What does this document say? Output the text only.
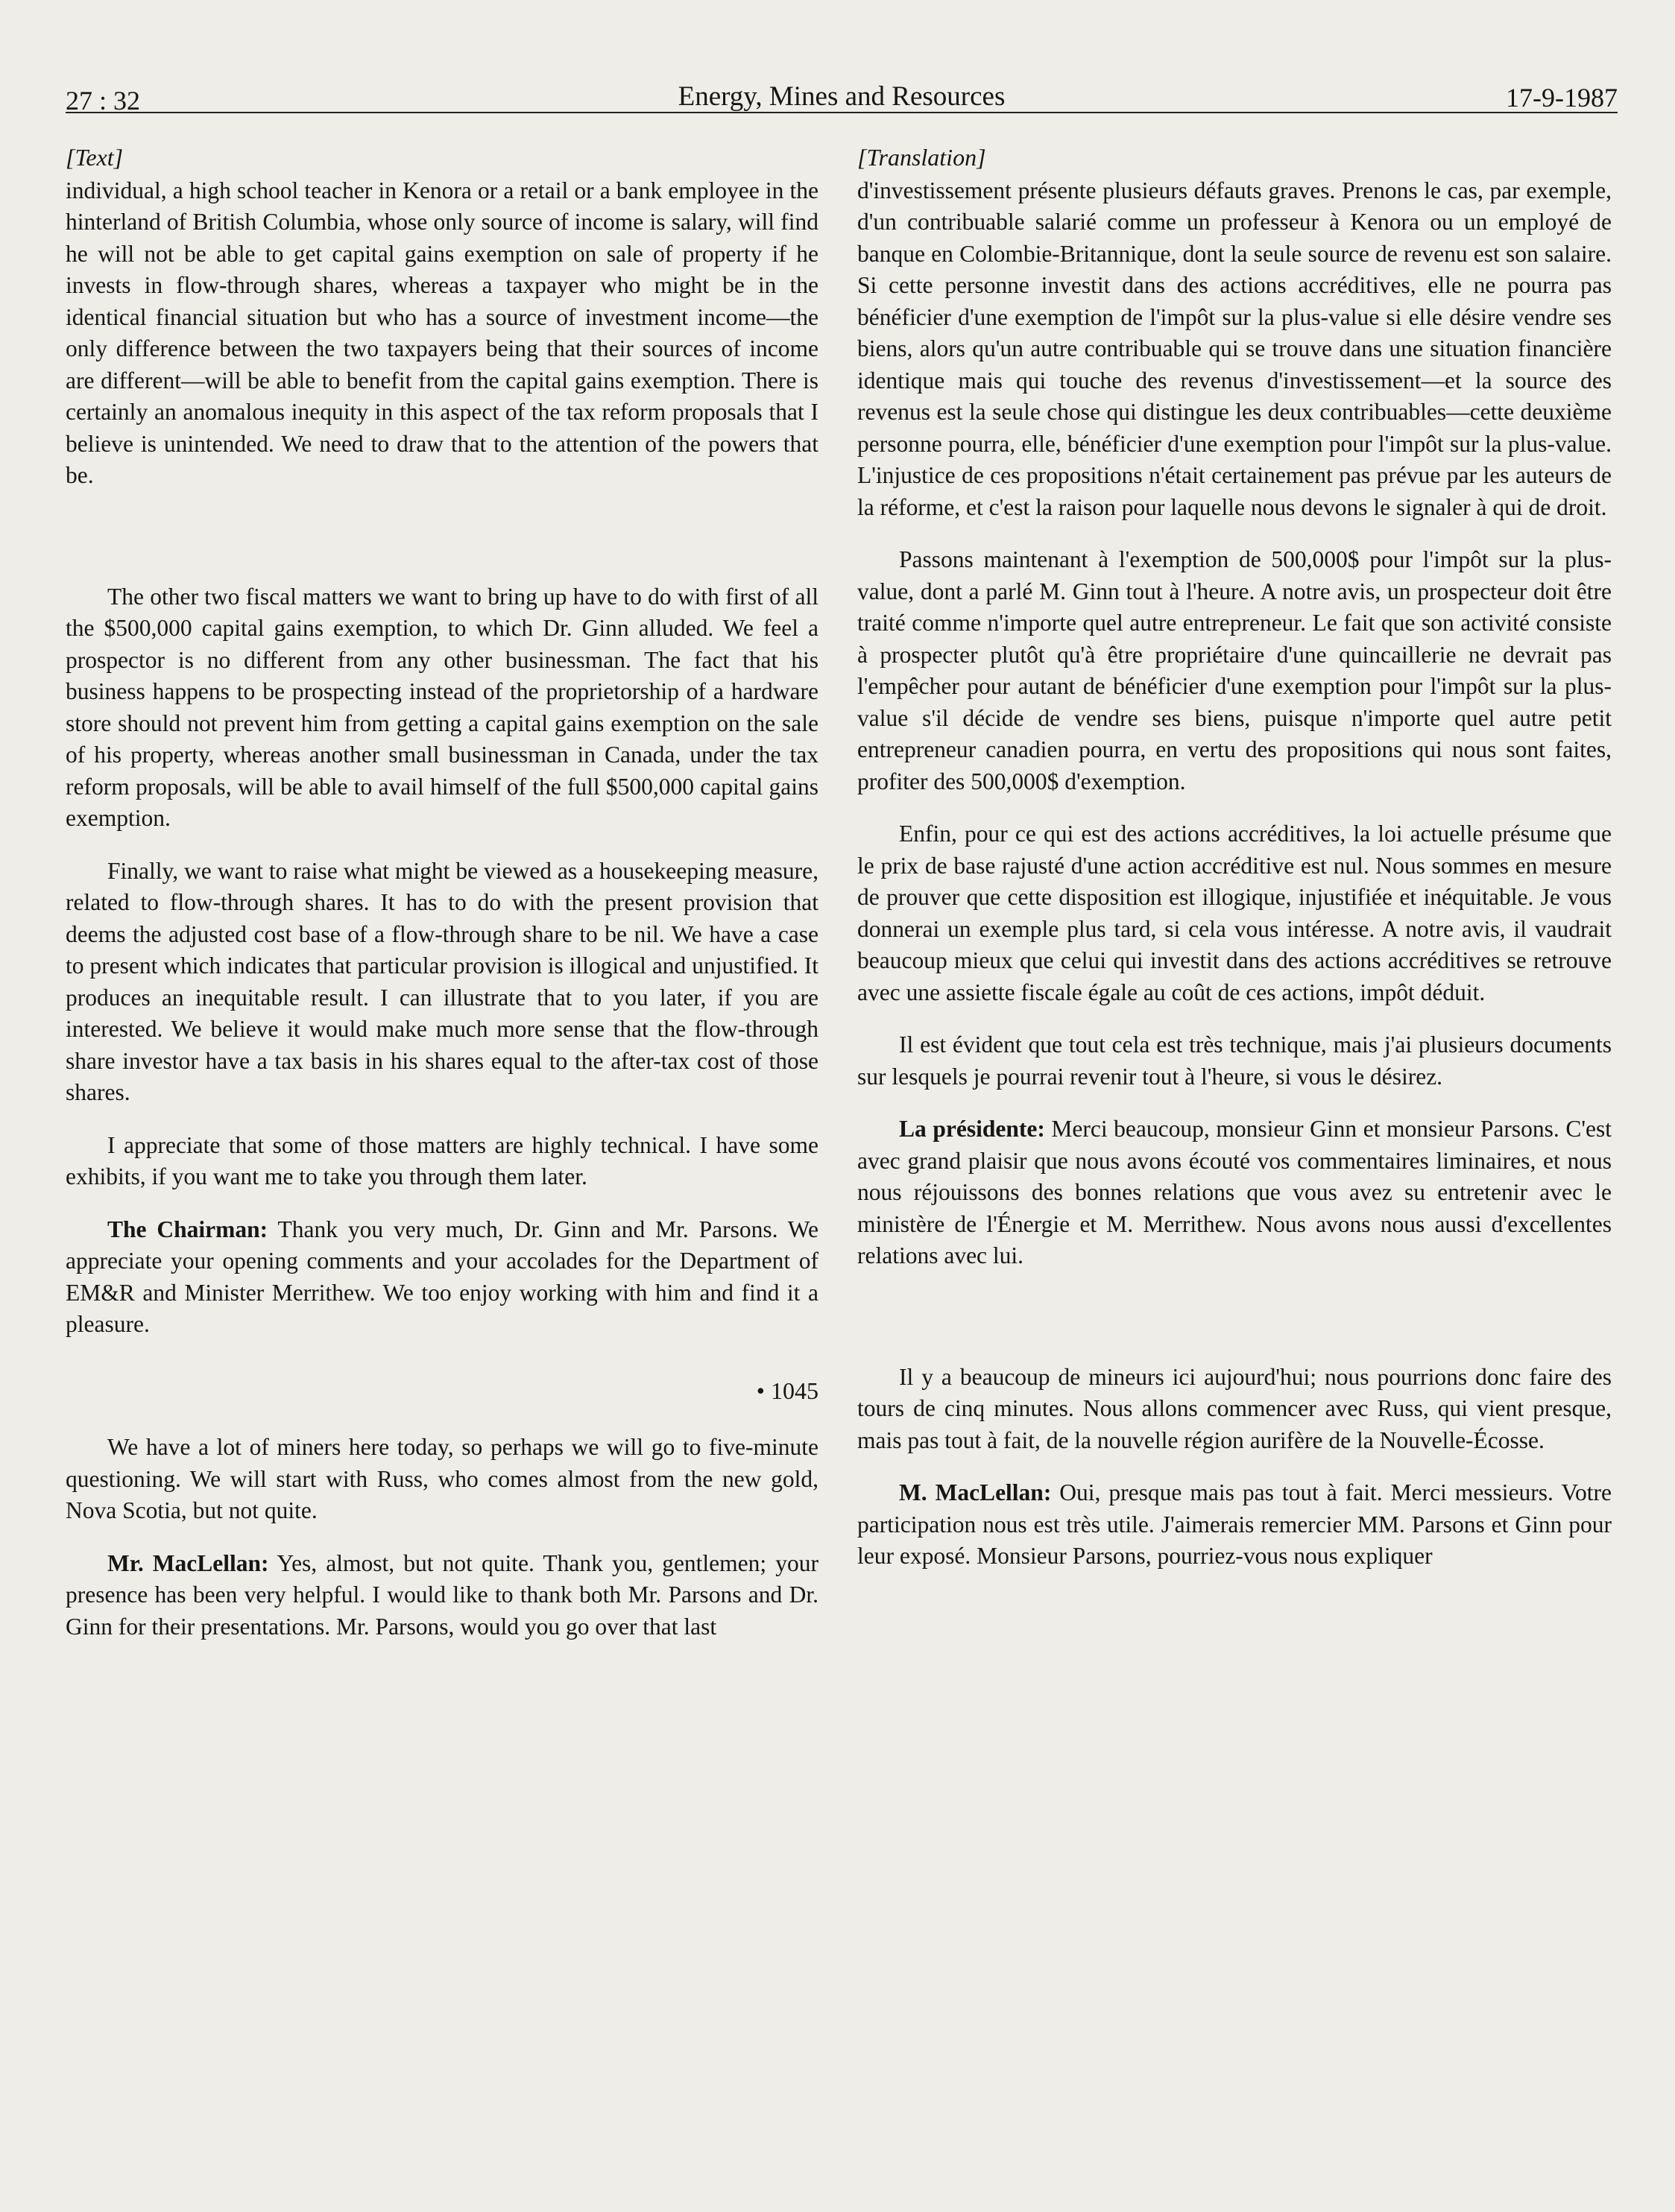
27 : 32	Energy, Mines and Resources	17-9-1987
[Text]

individual, a high school teacher in Kenora or a retail or a bank employee in the hinterland of British Columbia, whose only source of income is salary, will find he will not be able to get capital gains exemption on sale of property if he invests in flow-through shares, whereas a taxpayer who might be in the identical financial situation but who has a source of investment income—the only difference between the two taxpayers being that their sources of income are different—will be able to benefit from the capital gains exemption. There is certainly an anomalous inequity in this aspect of the tax reform proposals that I believe is unintended. We need to draw that to the attention of the powers that be.

The other two fiscal matters we want to bring up have to do with first of all the $500,000 capital gains exemption, to which Dr. Ginn alluded. We feel a prospector is no different from any other businessman. The fact that his business happens to be prospecting instead of the proprietorship of a hardware store should not prevent him from getting a capital gains exemption on the sale of his property, whereas another small businessman in Canada, under the tax reform proposals, will be able to avail himself of the full $500,000 capital gains exemption.

Finally, we want to raise what might be viewed as a housekeeping measure, related to flow-through shares. It has to do with the present provision that deems the adjusted cost base of a flow-through share to be nil. We have a case to present which indicates that particular provision is illogical and unjustified. It produces an inequitable result. I can illustrate that to you later, if you are interested. We believe it would make much more sense that the flow-through share investor have a tax basis in his shares equal to the after-tax cost of those shares.

I appreciate that some of those matters are highly technical. I have some exhibits, if you want me to take you through them later.

The Chairman: Thank you very much, Dr. Ginn and Mr. Parsons. We appreciate your opening comments and your accolades for the Department of EM&R and Minister Merrithew. We too enjoy working with him and find it a pleasure.

• 1045

We have a lot of miners here today, so perhaps we will go to five-minute questioning. We will start with Russ, who comes almost from the new gold, Nova Scotia, but not quite.

Mr. MacLellan: Yes, almost, but not quite. Thank you, gentlemen; your presence has been very helpful. I would like to thank both Mr. Parsons and Dr. Ginn for their presentations. Mr. Parsons, would you go over that last

[Translation]

d'investissement présente plusieurs défauts graves. Prenons le cas, par exemple, d'un contribuable salarié comme un professeur à Kenora ou un employé de banque en Colombie-Britannique, dont la seule source de revenu est son salaire. Si cette personne investit dans des actions accréditives, elle ne pourra pas bénéficier d'une exemption de l'impôt sur la plus-value si elle désire vendre ses biens, alors qu'un autre contribuable qui se trouve dans une situation financière identique mais qui touche des revenus d'investissement—et la source des revenus est la seule chose qui distingue les deux contribuables—cette deuxième personne pourra, elle, bénéficier d'une exemption pour l'impôt sur la plus-value. L'injustice de ces propositions n'était certainement pas prévue par les auteurs de la réforme, et c'est la raison pour laquelle nous devons le signaler à qui de droit.

Passons maintenant à l'exemption de 500,000$ pour l'impôt sur la plus-value, dont a parlé M. Ginn tout à l'heure. A notre avis, un prospecteur doit être traité comme n'importe quel autre entrepreneur. Le fait que son activité consiste à prospecter plutôt qu'à être propriétaire d'une quincaillerie ne devrait pas l'empêcher pour autant de bénéficier d'une exemption pour l'impôt sur la plus-value s'il décide de vendre ses biens, puisque n'importe quel autre petit entrepreneur canadien pourra, en vertu des propositions qui nous sont faites, profiter des 500,000$ d'exemption.

Enfin, pour ce qui est des actions accréditives, la loi actuelle présume que le prix de base rajusté d'une action accréditive est nul. Nous sommes en mesure de prouver que cette disposition est illogique, injustifiée et inéquitable. Je vous donnerai un exemple plus tard, si cela vous intéresse. A notre avis, il vaudrait beaucoup mieux que celui qui investit dans des actions accréditives se retrouve avec une assiette fiscale égale au coût de ces actions, impôt déduit.

Il est évident que tout cela est très technique, mais j'ai plusieurs documents sur lesquels je pourrai revenir tout à l'heure, si vous le désirez.

La présidente: Merci beaucoup, monsieur Ginn et monsieur Parsons. C'est avec grand plaisir que nous avons écouté vos commentaires liminaires, et nous nous réjouissons des bonnes relations que vous avez su entretenir avec le ministère de l'Énergie et M. Merrithew. Nous avons nous aussi d'excellentes relations avec lui.

Il y a beaucoup de mineurs ici aujourd'hui; nous pourrions donc faire des tours de cinq minutes. Nous allons commencer avec Russ, qui vient presque, mais pas tout à fait, de la nouvelle région aurifère de la Nouvelle-Écosse.

M. MacLellan: Oui, presque mais pas tout à fait. Merci messieurs. Votre participation nous est très utile. J'aimerais remercier MM. Parsons et Ginn pour leur exposé. Monsieur Parsons, pourriez-vous nous expliquer
